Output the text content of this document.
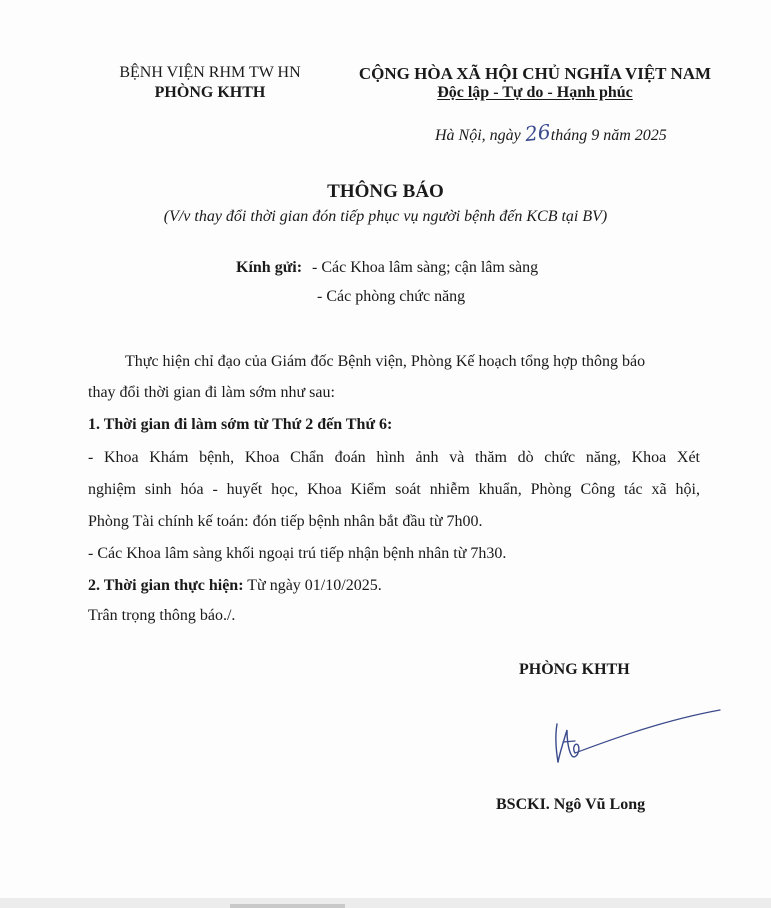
BỆNH VIỆN RHM TW HN
PHÒNG KHTH
CỘNG HÒA XÃ HỘI CHỦ NGHĨA VIỆT NAM
Độc lập - Tự do - Hạnh phúc
Hà Nội, ngày 26 tháng 9 năm 2025
THÔNG BÁO
(V/v thay đổi thời gian đón tiếp phục vụ người bệnh đến KCB tại BV)
Kính gửi: - Các Khoa lâm sàng; cận lâm sàng
- Các phòng chức năng
Thực hiện chỉ đạo của Giám đốc Bệnh viện, Phòng Kế hoạch tổng hợp thông báo
thay đổi thời gian đi làm sớm như sau:
1. Thời gian đi làm sớm từ Thứ 2 đến Thứ 6:
- Khoa Khám bệnh, Khoa Chẩn đoán hình ảnh và thăm dò chức năng, Khoa Xét
nghiệm sinh hóa - huyết học, Khoa Kiểm soát nhiễm khuẩn, Phòng Công tác xã hội,
Phòng Tài chính kế toán: đón tiếp bệnh nhân bắt đầu từ 7h00.
- Các Khoa lâm sàng khối ngoại trú tiếp nhận bệnh nhân từ 7h30.
2. Thời gian thực hiện: Từ ngày 01/10/2025.
Trân trọng thông báo./.
PHÒNG KHTH
BSCKI. Ngô Vũ Long
